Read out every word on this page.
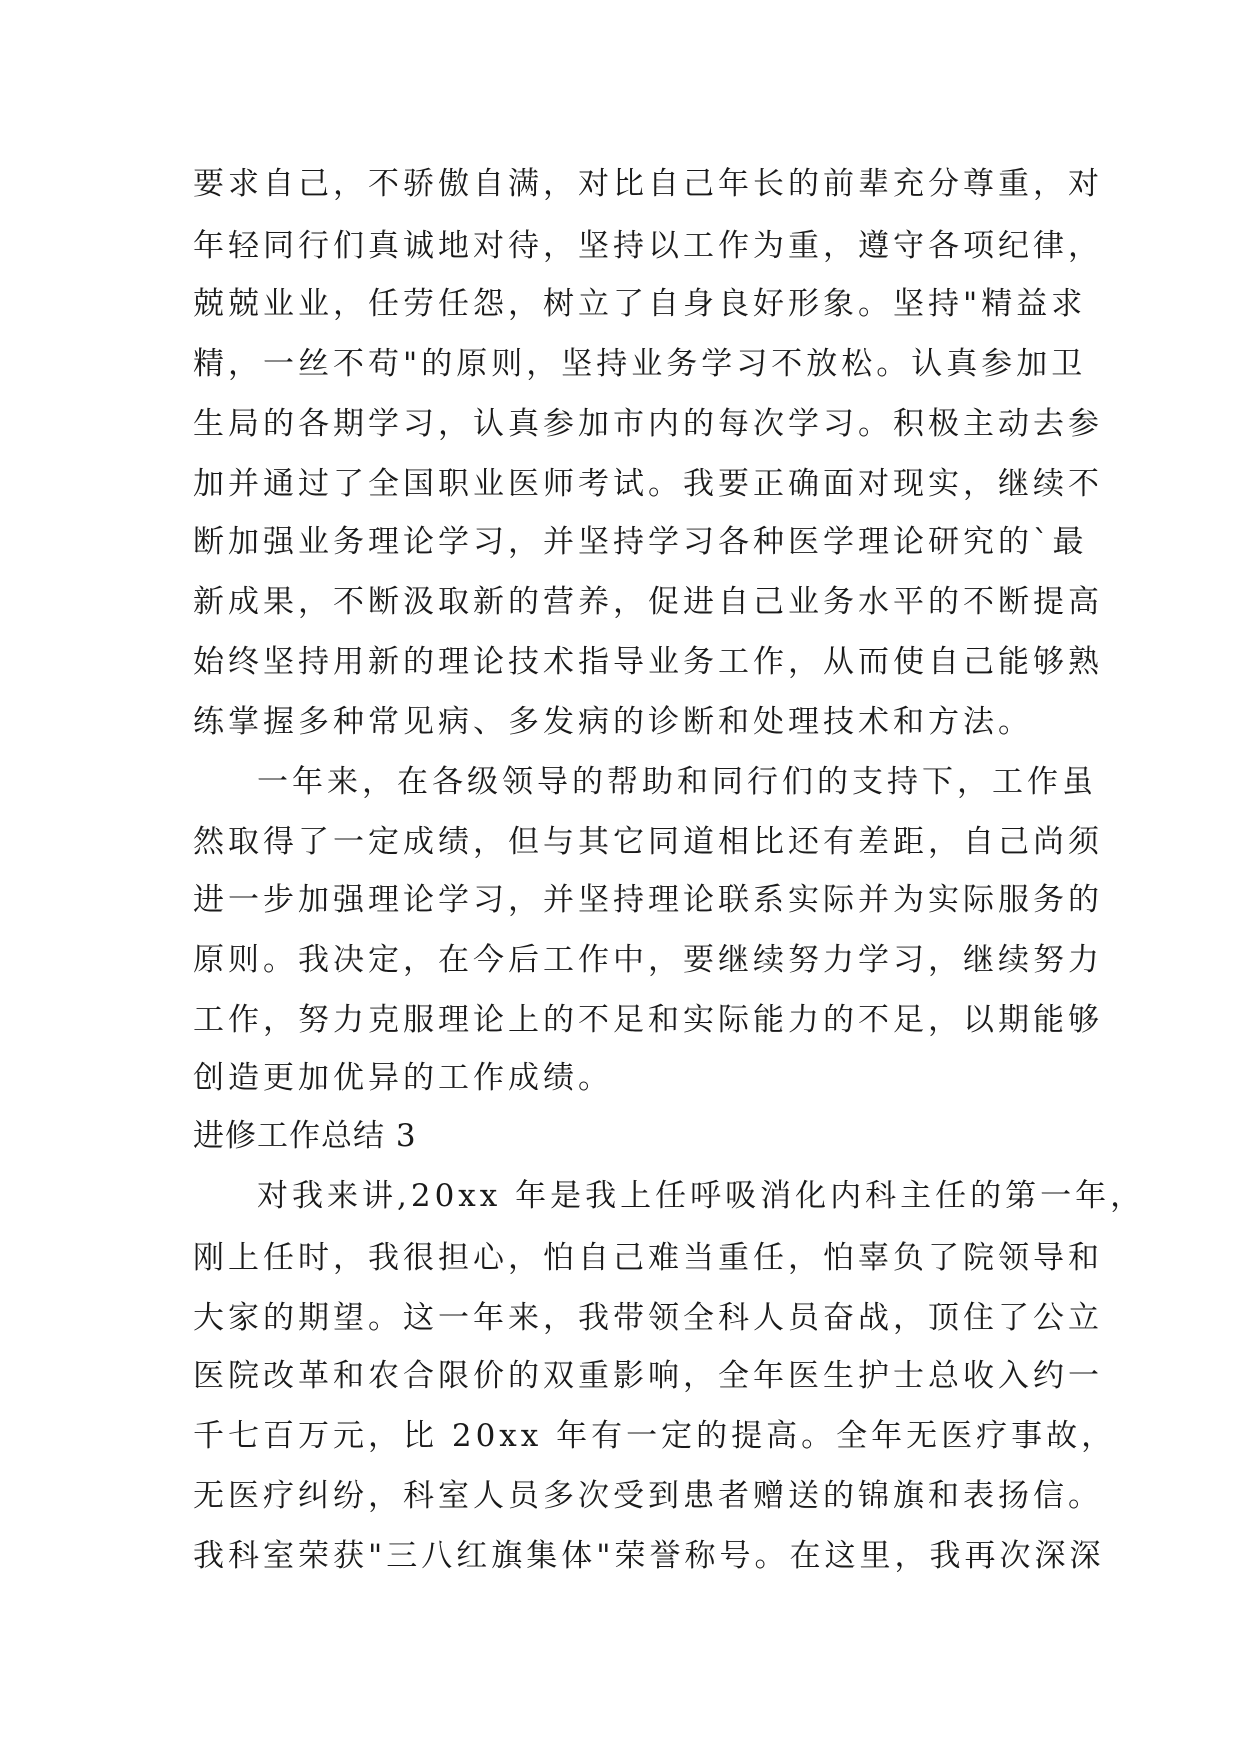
要求自己，不骄傲自满，对比自己年长的前辈充分尊重，对
年轻同行们真诚地对待，坚持以工作为重，遵守各项纪律，
兢兢业业，任劳任怨，树立了自身良好形象。坚持"精益求
精，一丝不苟"的原则，坚持业务学习不放松。认真参加卫
生局的各期学习，认真参加市内的每次学习。积极主动去参
加并通过了全国职业医师考试。我要正确面对现实，继续不
断加强业务理论学习，并坚持学习各种医学理论研究的`最
新成果，不断汲取新的营养，促进自己业务水平的不断提高
始终坚持用新的理论技术指导业务工作，从而使自己能够熟
练掌握多种常见病、多发病的诊断和处理技术和方法。
一年来，在各级领导的帮助和同行们的支持下，工作虽
然取得了一定成绩，但与其它同道相比还有差距，自己尚须
进一步加强理论学习，并坚持理论联系实际并为实际服务的
原则。我决定，在今后工作中，要继续努力学习，继续努力
工作，努力克服理论上的不足和实际能力的不足，以期能够
创造更加优异的工作成绩。
进修工作总结 3
对我来讲,20xx 年是我上任呼吸消化内科主任的第一年，
刚上任时，我很担心，怕自己难当重任，怕辜负了院领导和
大家的期望。这一年来，我带领全科人员奋战，顶住了公立
医院改革和农合限价的双重影响，全年医生护士总收入约一
千七百万元，比 20xx 年有一定的提高。全年无医疗事故，
无医疗纠纷，科室人员多次受到患者赠送的锦旗和表扬信。
我科室荣获"三八红旗集体"荣誉称号。在这里，我再次深深
